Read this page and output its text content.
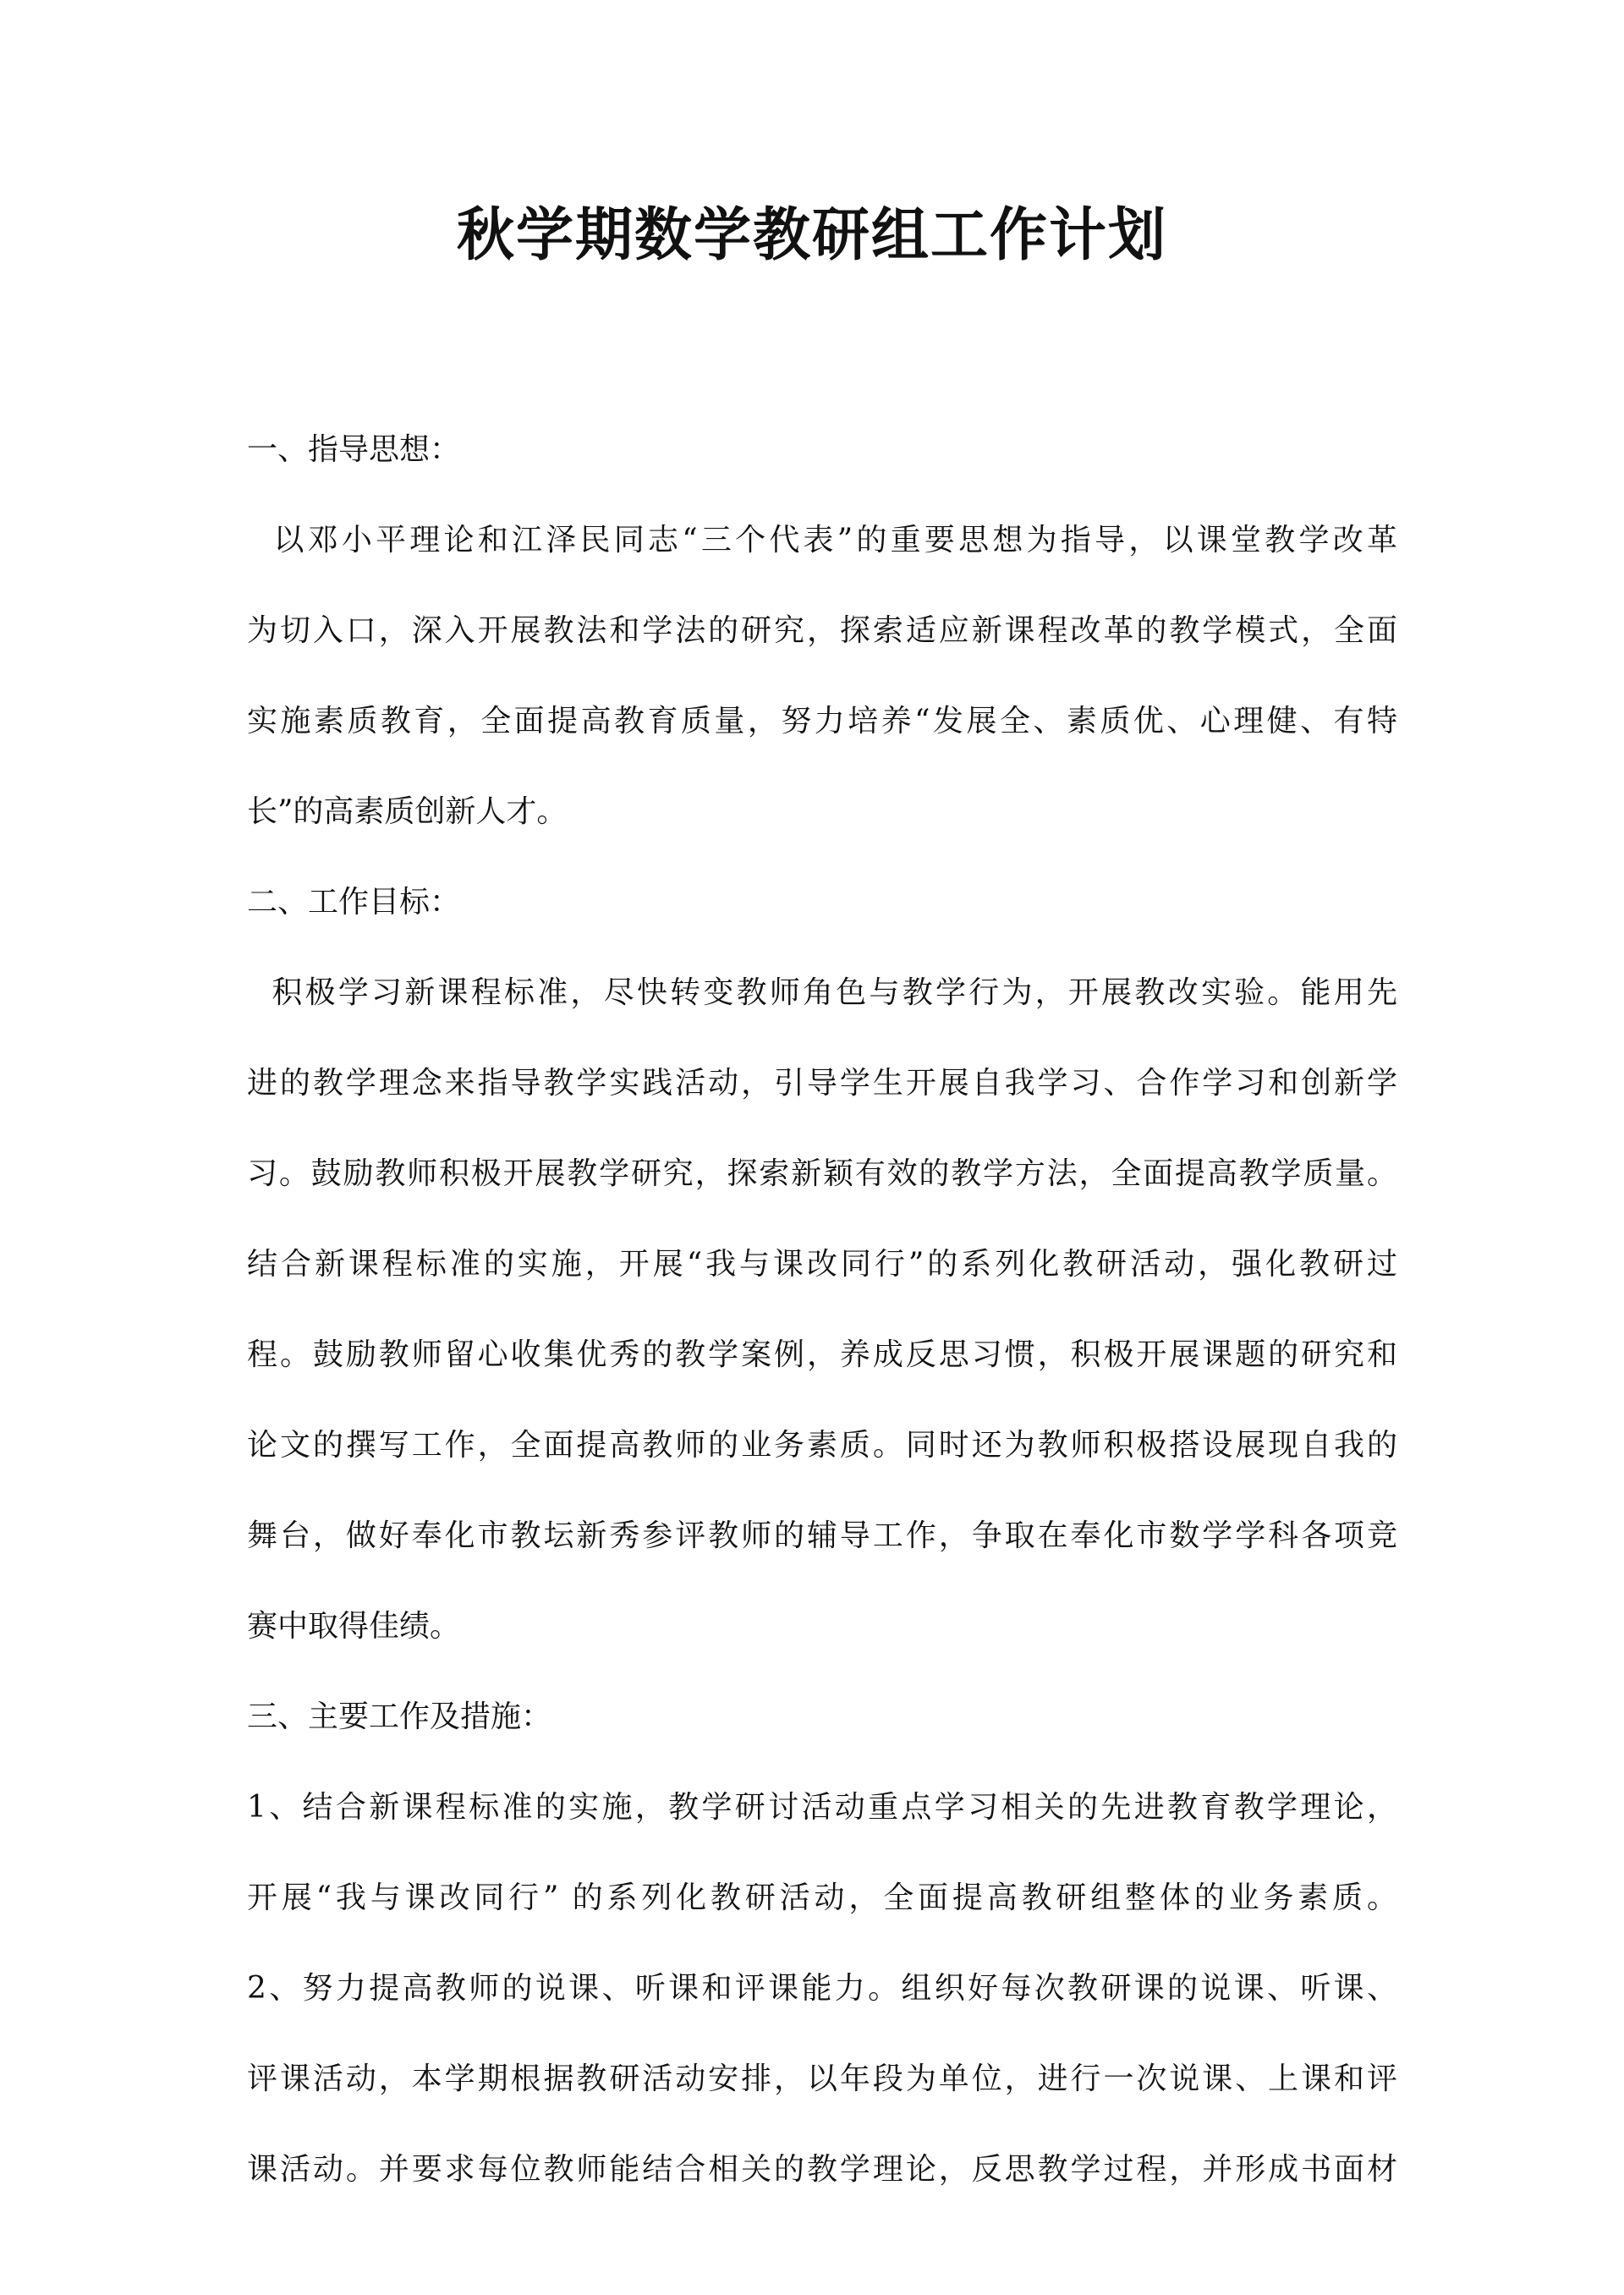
秋学期数学教研组工作计划
一、指导思想：
以邓小平理论和江泽民同志“三个代表”的重要思想为指导，以课堂教学改革
为切入口，深入开展教法和学法的研究，探索适应新课程改革的教学模式，全面
实施素质教育，全面提高教育质量，努力培养“发展全、素质优、心理健、有特
长”的高素质创新人才。
二、工作目标：
积极学习新课程标准，尽快转变教师角色与教学行为，开展教改实验。能用先
进的教学理念来指导教学实践活动，引导学生开展自我学习、合作学习和创新学
习。鼓励教师积极开展教学研究，探索新颖有效的教学方法，全面提高教学质量。
结合新课程标准的实施，开展“我与课改同行”的系列化教研活动，强化教研过
程。鼓励教师留心收集优秀的教学案例，养成反思习惯，积极开展课题的研究和
论文的撰写工作，全面提高教师的业务素质。同时还为教师积极搭设展现自我的
舞台，做好奉化市教坛新秀参评教师的辅导工作，争取在奉化市数学学科各项竞
赛中取得佳绩。
三、主要工作及措施：
1、结合新课程标准的实施，教学研讨活动重点学习相关的先进教育教学理论，
开展“我与课改同行” 的系列化教研活动，全面提高教研组整体的业务素质。
2、努力提高教师的说课、听课和评课能力。组织好每次教研课的说课、听课、
评课活动，本学期根据教研活动安排，以年段为单位，进行一次说课、上课和评
课活动。并要求每位教师能结合相关的教学理论，反思教学过程，并形成书面材
